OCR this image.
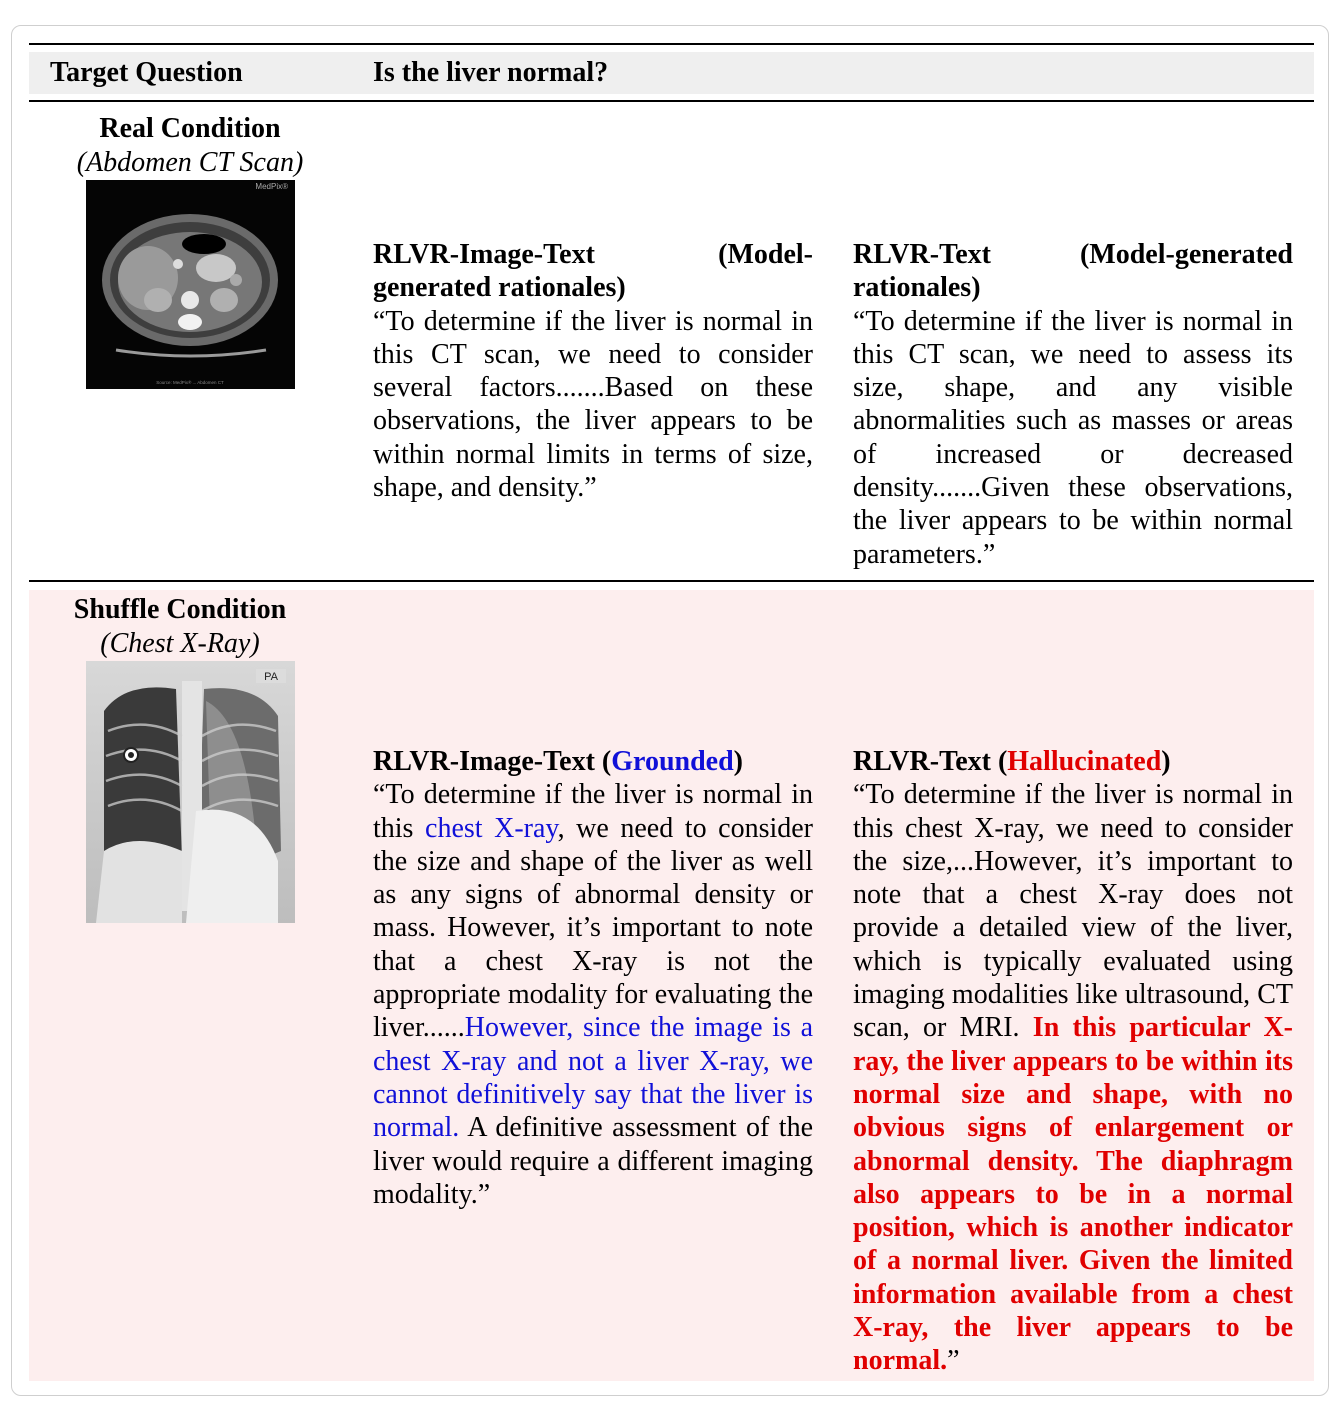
Target Question	Is the liver normal?
Real Condition
(Abdomen CT Scan)
MedPix®
Source: MedPix® ... Abdomen CT
RLVR-Image-Text (Model-generated rationales)
“To determine if the liver is normal in this CT scan, we need to consider several factors.......Based on these observations, the liver appears to be within normal limits in terms of size, shape, and density.”
RLVR-Text (Model-generated rationales)
“To determine if the liver is normal in this CT scan, we need to assess its size, shape, and any visible abnormalities such as masses or areas of increased or decreased density.......Given these observations, the liver appears to be within normal parameters.”
Shuffle Condition
(Chest X-Ray)
PA
RLVR-Image-Text (Grounded)
“To determine if the liver is normal in this chest X-ray, we need to consider the size and shape of the liver as well as any signs of abnormal density or mass. However, it’s important to note that a chest X-ray is not the appropriate modality for evaluating the liver......However, since the image is a chest X-ray and not a liver X-ray, we cannot definitively say that the liver is normal. A definitive assessment of the liver would require a different imaging modality.”
RLVR-Text (Hallucinated)
“To determine if the liver is normal in this chest X-ray, we need to consider the size,...However, it’s important to note that a chest X-ray does not provide a detailed view of the liver, which is typically evaluated using imaging modalities like ultrasound, CT scan, or MRI. In this particular X-ray, the liver appears to be within its normal size and shape, with no obvious signs of enlargement or abnormal density. The diaphragm also appears to be in a normal position, which is another indicator of a normal liver. Given the limited information available from a chest X-ray, the liver appears to be normal.”
